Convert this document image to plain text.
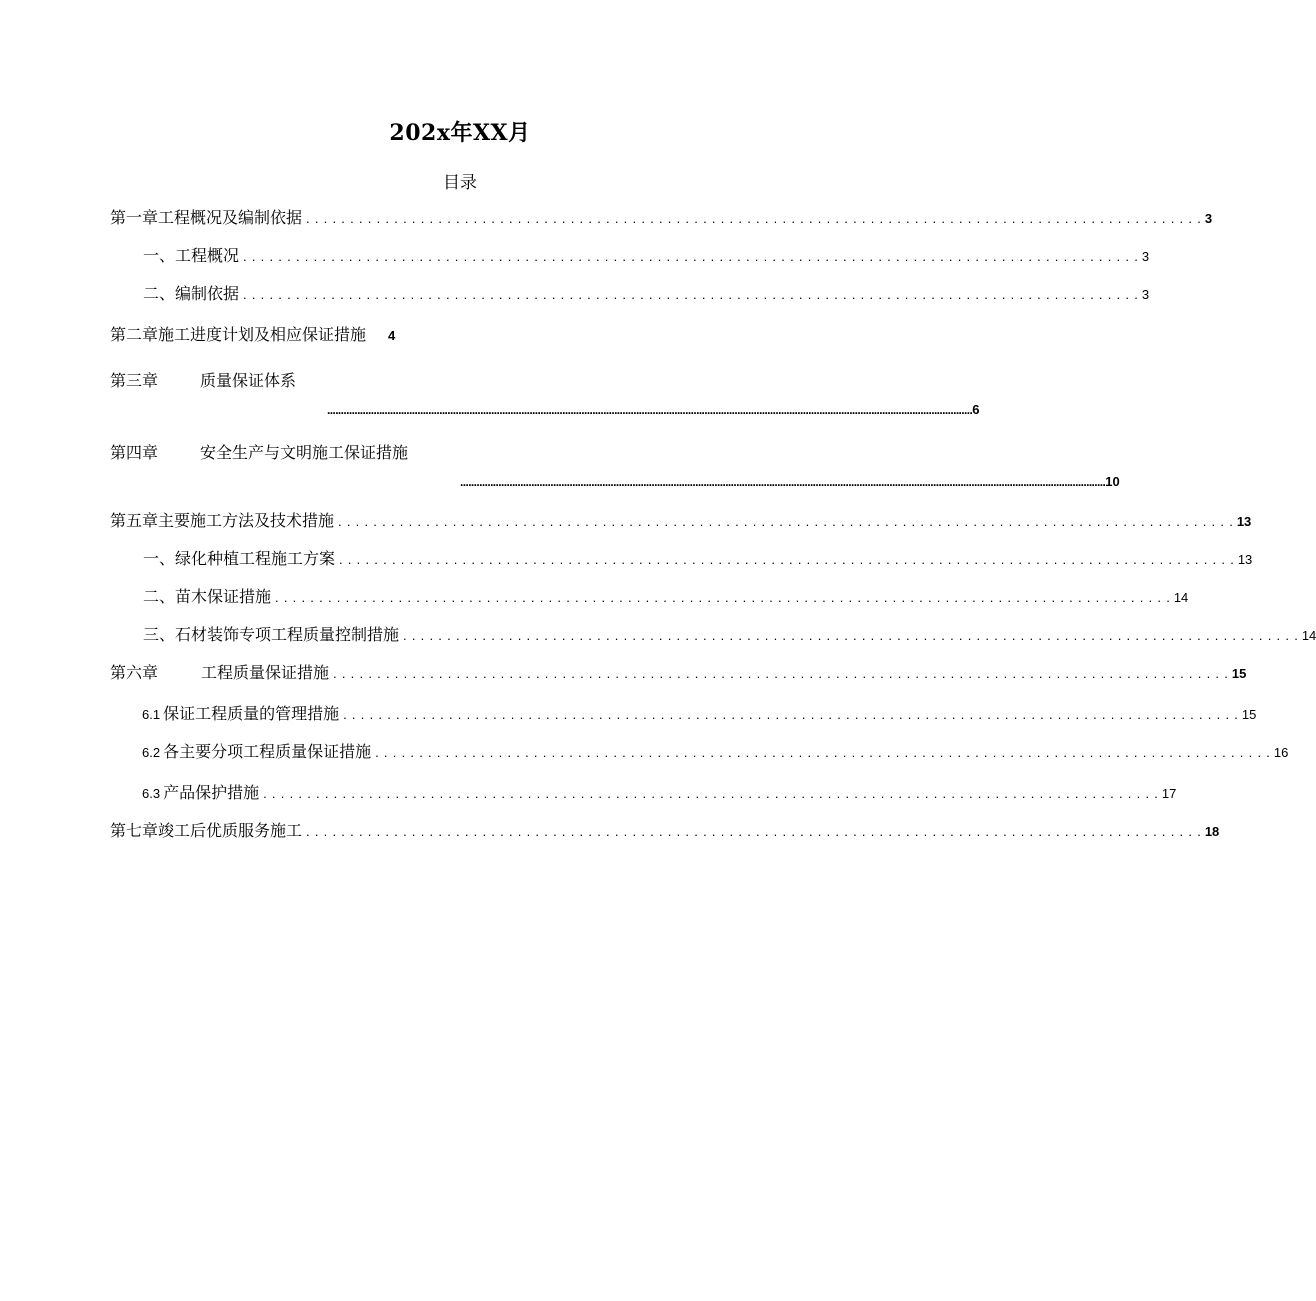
202x年XX月
目录
第一章工程概况及编制依据 . . .	3
一、工程概况 . . .	3
二、编制依据 . . .	3
第二章施工进度计划及相应保证措施 4
第三章	质量保证体系
..... 6
第四章	安全生产与文明施工保证措施
..... 10
第五章主要施工方法及技术措施 . . .	13
一、绿化种植工程施工方案 . . .	13
二、苗木保证措施 . . .	14
三、石材装饰专项工程质量控制措施 . . .	14
第六章	工程质量保证措施 . . .	15
6.1 保证工程质量的管理措施 . . .	15
6.2 各主要分项工程质量保证措施 . . .	16
6.3 产品保护措施 . . .	17
第七章竣工后优质服务施工 . . .	18
